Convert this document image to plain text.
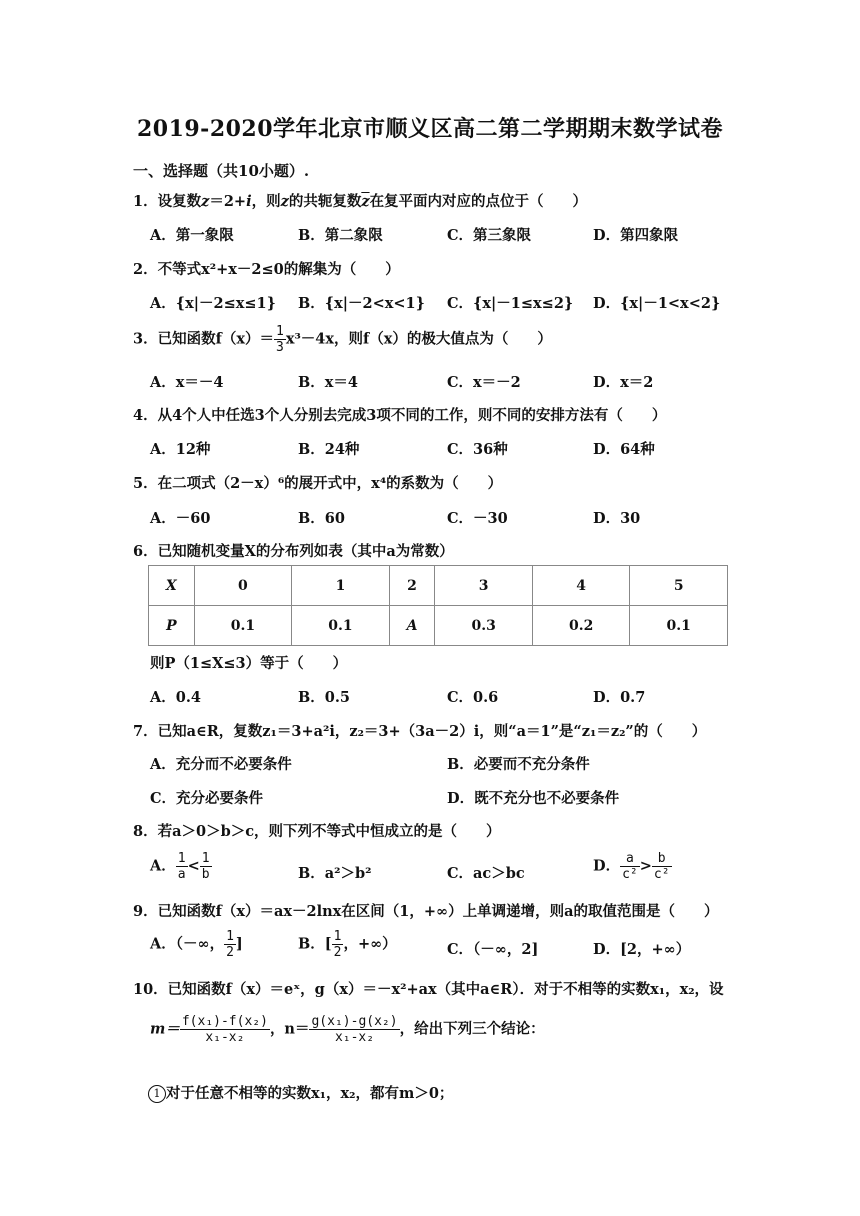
2019-2020学年北京市顺义区高二第二学期期末数学试卷
一、选择题（共10小题）.
1．设复数z＝2+i，则z的共轭复数$\overline{z}$在复平面内对应的点位于（　　）
A．第一象限	B．第二象限	C．第三象限	D．第四象限
2．不等式x²+x－2≤0的解集为（　　）
A．{x|－2≤x≤1} B．{x|－2<x<1} C．{x|－1≤x≤2} D．{x|－1<x<2}
3．已知函数$f(x)= \frac{1}{3} x^3-4x$，则f（x）的极大值点为（　　）
A．x＝－4	B．x＝4	C．x＝－2	D．x＝2
4．从4个人中任选3个人分别去完成3项不同的工作，则不同的安排方法有（　　）
A．12种	B．24种	C．36种	D．64种
5．在二项式（2－x）⁶的展开式中，x⁴的系数为（　　）
A．－60	B．60	C．－30	D．30
6．已知随机变量X的分布列如表（其中a为常数）
X	0	1	2	3	4	5
P	0.1	0.1	A	0.3	0.2	0.1
则P（1≤X≤3）等于（　　）
A．0.4	B．0.5	C．0.6	D．0.7
7．已知a∈R，复数z₁＝3+a²i，z₂＝3+（3a－2）i，则“a＝1”是“z₁＝z₂”的（　　）
A．充分而不必要条件	B．必要而不充分条件
C．充分必要条件	D．既不充分也不必要条件
8．若a＞0＞b＞c，则下列不等式中恒成立的是（　　）
A． $\frac{1}{a} < \frac{1}{b}$	B．a²＞b²	C．ac＞bc	D． $\frac{a}{\text{c²}} > \frac{b}{\text{c²}}$
9．已知函数f（x）＝ax－2lnx在区间（1，+∞）上单调递增，则a的取值范围是（　　）
A．（－∞， $\frac{1}{2}$ ]	B．[ $\frac{1}{2}$ ，+∞）	C．（－∞，2]	D．[2，+∞）
10．已知函数f（x）＝eˣ，g（x）＝－x²+ax（其中a∈R）．对于不相等的实数x₁，x₂，设
$m= \frac{\text{f(x₁)-f(x₂)}}{\text{x₁-x₂}}$ ，$n= \frac{\text{g(x₁)-g(x₂)}}{\text{x₁-x₂}}$ ，给出下列三个结论：
1 对于任意不相等的实数x₁，x₂，都有m＞0；
